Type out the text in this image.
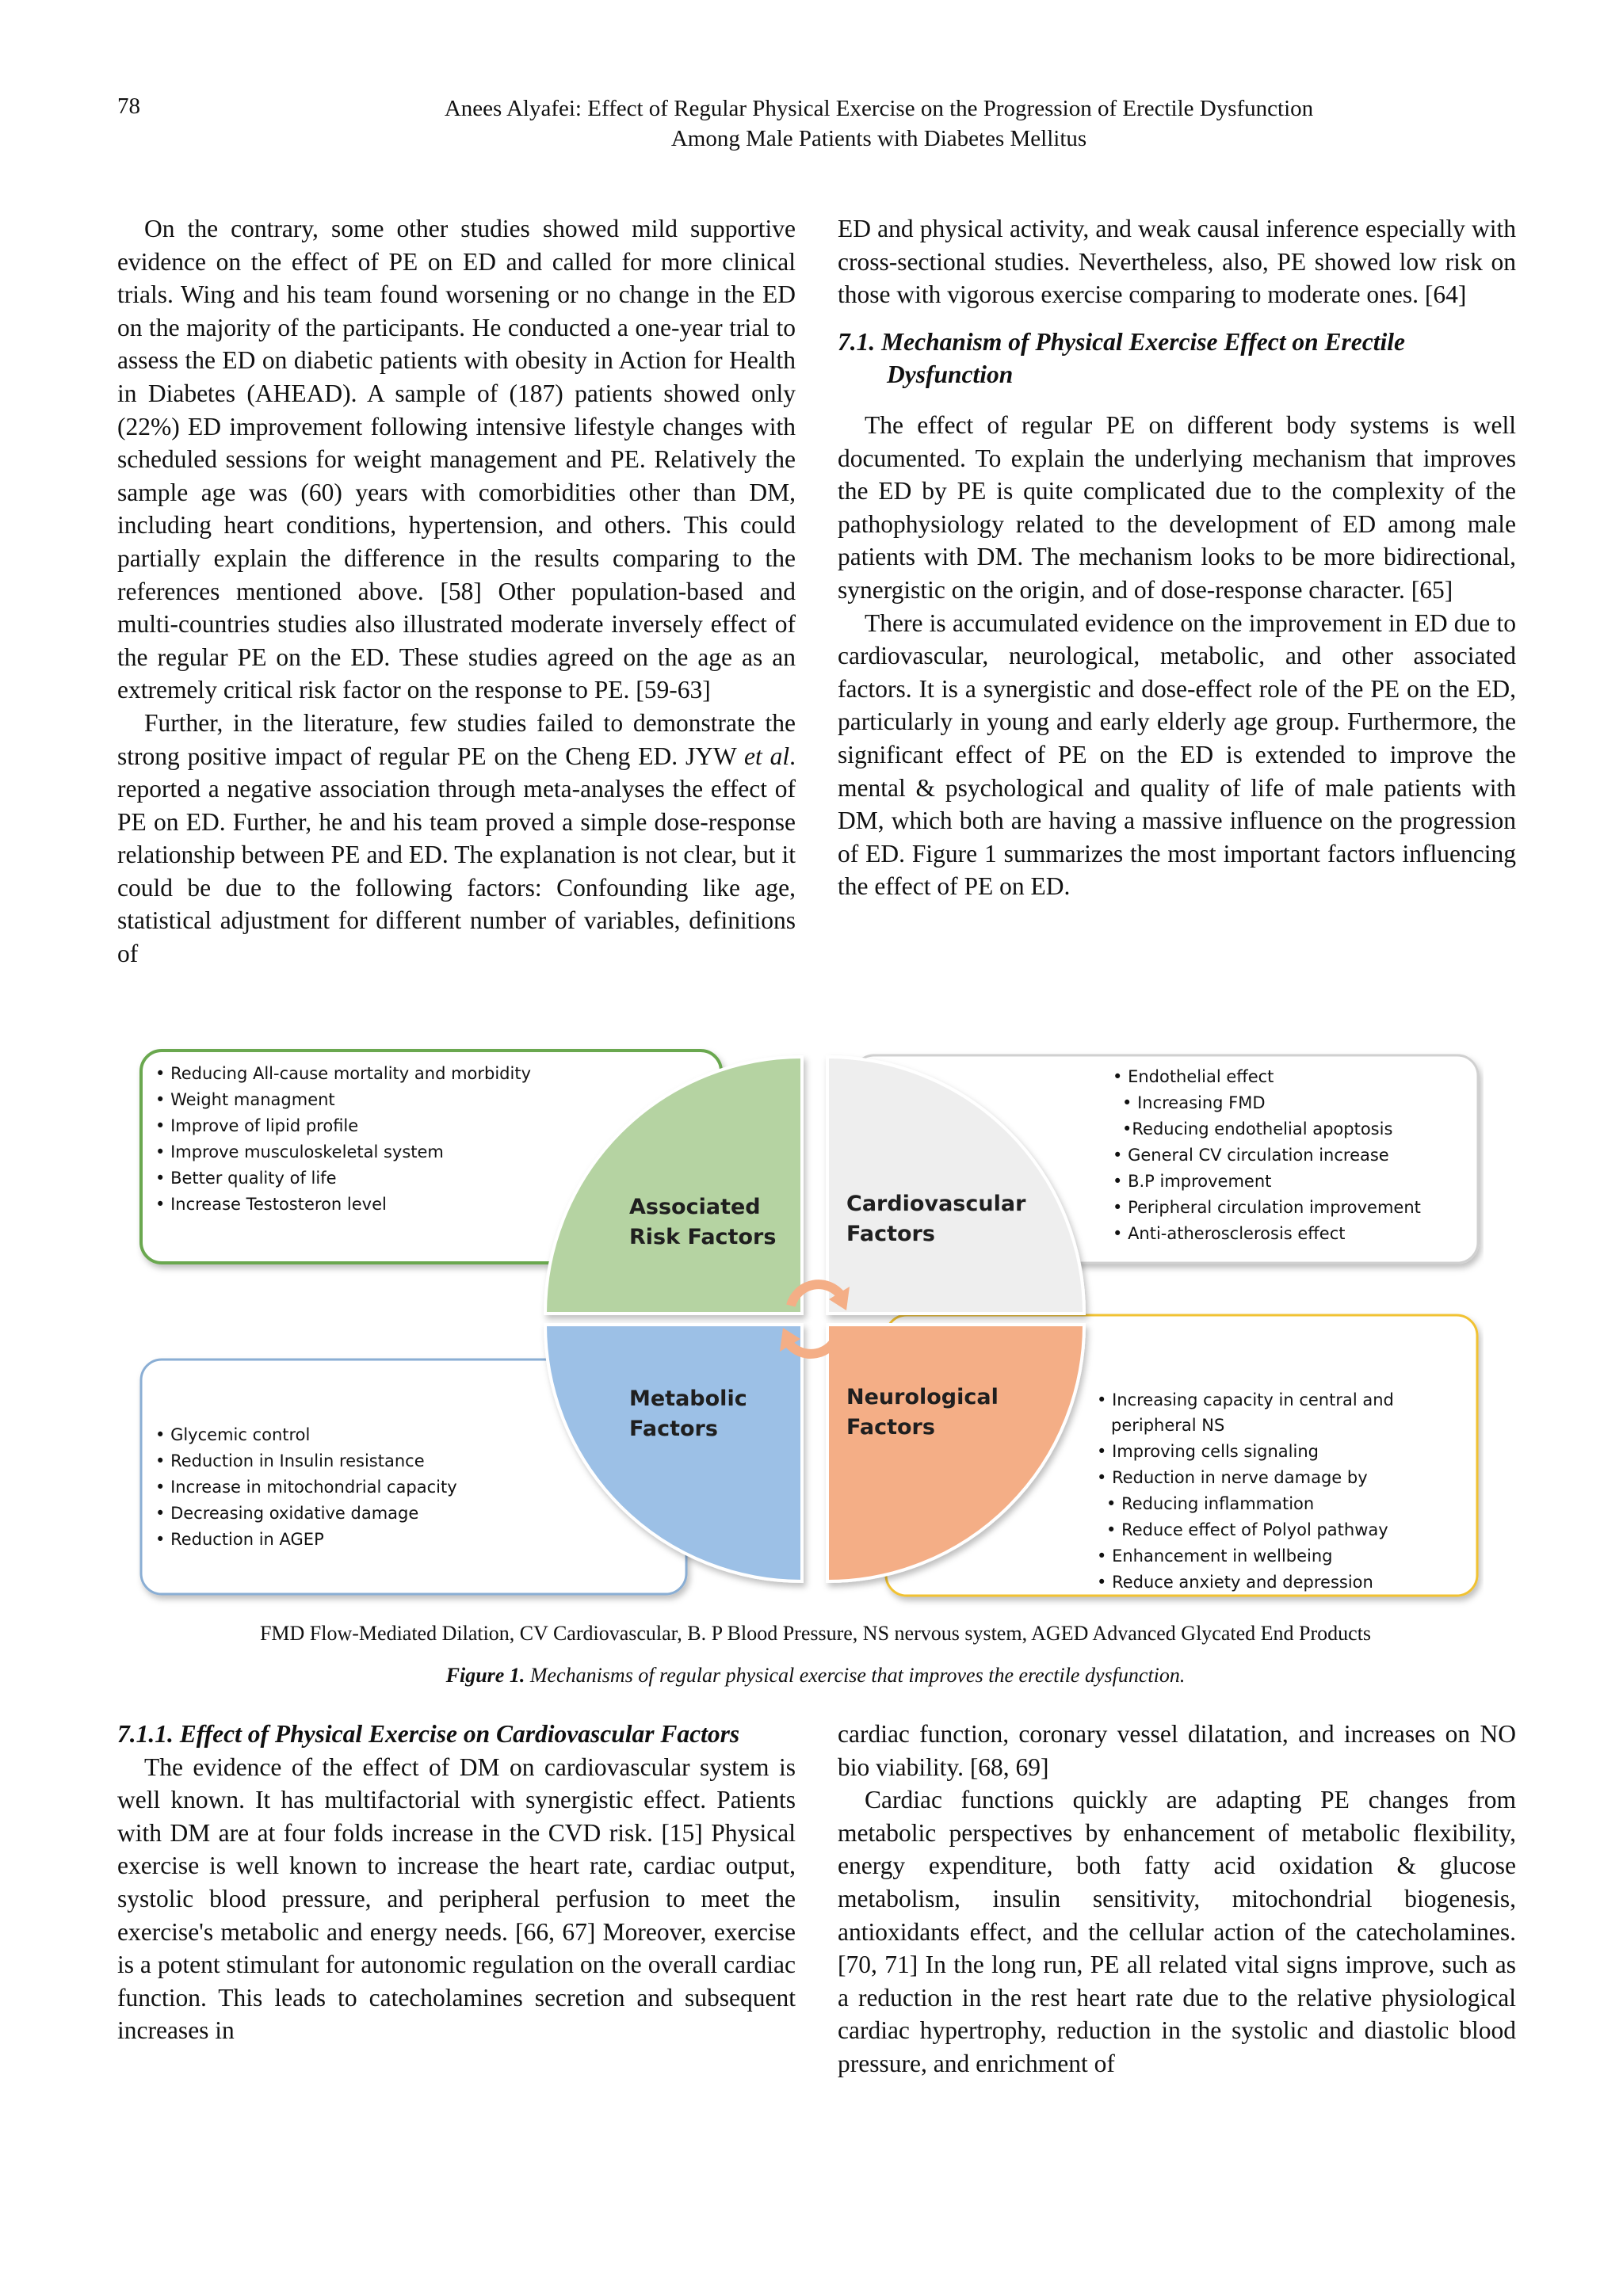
78	Anees Alyafei: Effect of Regular Physical Exercise on the Progression of Erectile Dysfunction
Among Male Patients with Diabetes Mellitus

On the contrary, some other studies showed mild supportive evidence on the effect of PE on ED and called for more clinical trials. Wing and his team found worsening or no change in the ED on the majority of the participants. He conducted a one-year trial to assess the ED on diabetic patients with obesity in Action for Health in Diabetes (AHEAD). A sample of (187) patients showed only (22%) ED improvement following intensive lifestyle changes with scheduled sessions for weight management and PE. Relatively the sample age was (60) years with comorbidities other than DM, including heart conditions, hypertension, and others. This could partially explain the difference in the results comparing to the references mentioned above. [58] Other population-based and multi-countries studies also illustrated moderate inversely effect of the regular PE on the ED. These studies agreed on the age as an extremely critical risk factor on the response to PE. [59-63]

Further, in the literature, few studies failed to demonstrate the strong positive impact of regular PE on the Cheng ED. JYW et al. reported a negative association through meta-analyses the effect of PE on ED. Further, he and his team proved a simple dose-response relationship between PE and ED. The explanation is not clear, but it could be due to the following factors: Confounding like age, statistical adjustment for different number of variables, definitions of

ED and physical activity, and weak causal inference especially with cross-sectional studies. Nevertheless, also, PE showed low risk on those with vigorous exercise comparing to moderate ones. [64]

7.1. Mechanism of Physical Exercise Effect on Erectile Dysfunction

The effect of regular PE on different body systems is well documented. To explain the underlying mechanism that improves the ED by PE is quite complicated due to the complexity of the pathophysiology related to the development of ED among male patients with DM. The mechanism looks to be more bidirectional, synergistic on the origin, and of dose-response character. [65]

There is accumulated evidence on the improvement in ED due to cardiovascular, neurological, metabolic, and other associated factors. It is a synergistic and dose-effect role of the PE on the ED, particularly in young and early elderly age group. Furthermore, the significant effect of PE on the ED is extended to improve the mental & psychological and quality of life of male patients with DM, which both are having a massive influence on the progression of ED. Figure 1 summarizes the most important factors influencing the effect of PE on ED.

Associated
Risk Factors
Cardiovascular
Factors
Metabolic
Factors
Neurological
Factors
• Reducing All-cause mortality and morbidity
• Weight managment
• Improve of lipid profile
• Improve musculoskeletal system
• Better quality of life
• Increase Testosteron level
• Endothelial effect
• Increasing FMD
•Reducing endothelial apoptosis
• General CV circulation increase
• B.P improvement
• Peripheral circulation improvement
• Anti-atherosclerosis effect
• Glycemic control
• Reduction in Insulin resistance
• Increase in mitochondrial capacity
• Decreasing oxidative damage
• Reduction in AGEP
• Increasing capacity in central and
peripheral NS
• Improving cells signaling
• Reduction in nerve damage by
• Reducing inflammation
• Reduce effect of Polyol pathway
• Enhancement in wellbeing
• Reduce anxiety and depression
FMD Flow-Mediated Dilation, CV Cardiovascular, B. P Blood Pressure, NS nervous system, AGED Advanced Glycated End Products
Figure 1. Mechanisms of regular physical exercise that improves the erectile dysfunction.
7.1.1. Effect of Physical Exercise on Cardiovascular Factors

The evidence of the effect of DM on cardiovascular system is well known. It has multifactorial with synergistic effect. Patients with DM are at four folds increase in the CVD risk. [15] Physical exercise is well known to increase the heart rate, cardiac output, systolic blood pressure, and peripheral perfusion to meet the exercise's metabolic and energy needs. [66, 67] Moreover, exercise is a potent stimulant for autonomic regulation on the overall cardiac function. This leads to catecholamines secretion and subsequent increases in

cardiac function, coronary vessel dilatation, and increases on NO bio viability. [68, 69]

Cardiac functions quickly are adapting PE changes from metabolic perspectives by enhancement of metabolic flexibility, energy expenditure, both fatty acid oxidation & glucose metabolism, insulin sensitivity, mitochondrial biogenesis, antioxidants effect, and the cellular action of the catecholamines. [70, 71] In the long run, PE all related vital signs improve, such as a reduction in the rest heart rate due to the relative physiological cardiac hypertrophy, reduction in the systolic and diastolic blood pressure, and enrichment of
